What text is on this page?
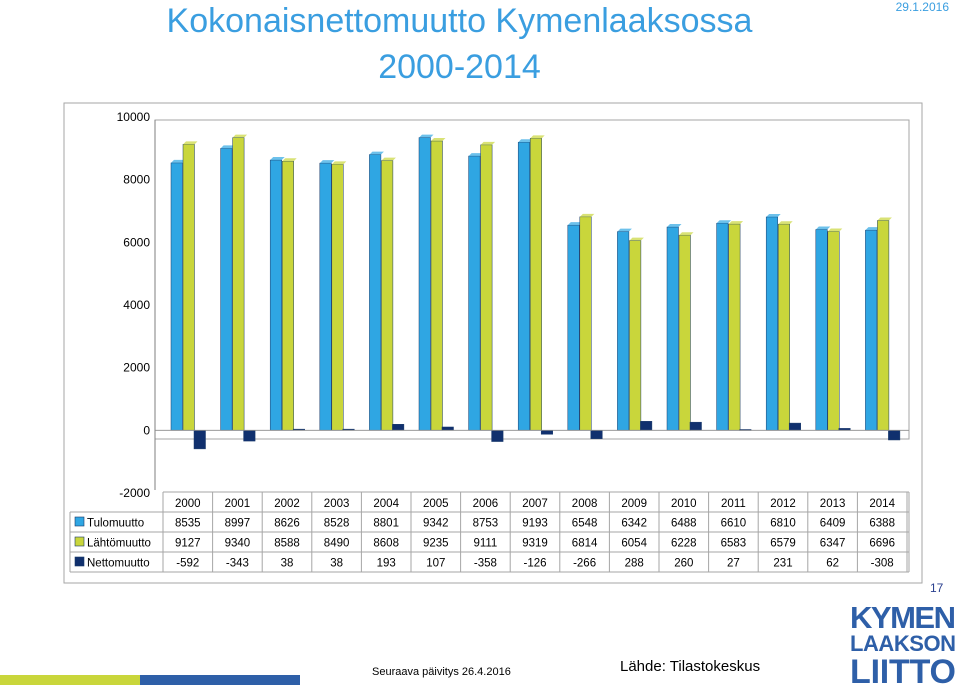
Kokonaisnettomuutto Kymenlaaksossa
2000-2014
29.1.2016
10000
8000
6000
4000
2000
0
-2000
2000 2001 2002 2003 2004 2005 2006 2007 2008 2009 2010 2011 2012 2013 2014
Tulomuutto	8535 8997 8626 8528 8801 9342 8753 9193 6548 6342 6488 6610 6810 6409 6388
Lähtömuutto 9127 9340 8588 8490 8608 9235 9111 9319 6814 6054 6228 6583 6579 6347 6696
Nettomuutto -592 -343	38	38	193	107 -358 -126 -266 288	260	27	231	62	-308
17
Seuraava päivitys 26.4.2016	Lähde: Tilastokeskus
KYMEN
LAAKSON
LIITTO
